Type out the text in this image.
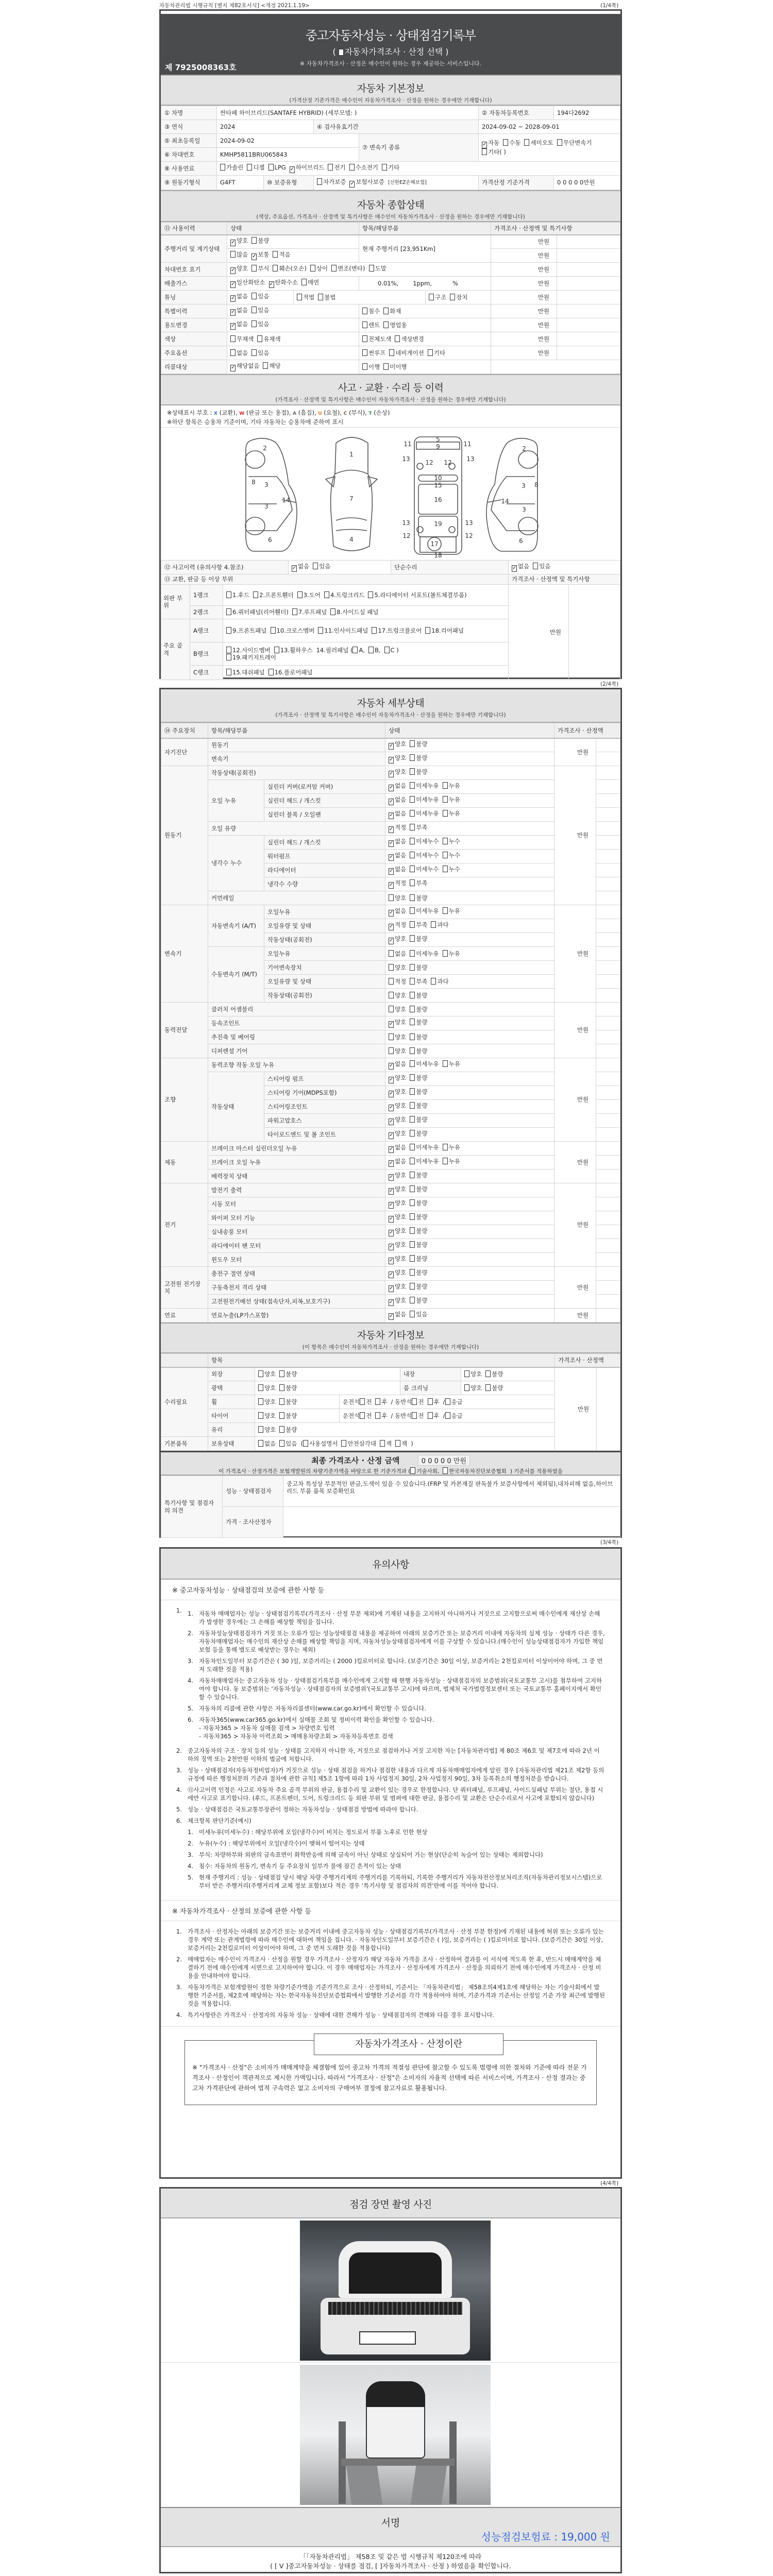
자동차관리법 시행규칙 [별지 제82호서식] <개정 2021.1.19>	(1/4쪽)
(2/4쪽)
(3/4쪽)
(4/4쪽)
중고자동차성능 · 상태점검기록부
( 자동차가격조사 · 산정 선택 )
※ 자동차가격조사 · 산정은 매수인이 원하는 경우 제공하는 서비스입니다.
제 7925008363호
자동차 기본정보
(가격산정 기준가격은 매수인이 자동차가격조사 · 산정을 원하는 경우에만 기재합니다)
① 차명	싼타페 하이브리드(SANTAFE HYBRID) (세부모델: )				② 자동차등록번호	194다2692
③ 연식	2024		④ 검사유효기간		2024-09-02 ~ 2028-09-01	
⑤ 최초등록일	2024-09-02			⑦ 변속기 종류	✓ 자동 수동 세미오토 무단변속기기타( )	
⑥ 차대번호	KMHP5811BRU065843					
⑧ 사용연료	가솔린 디젤 LPG ✓ 하이브리드 전기 수소전기 기타					
⑨ 원동기형식	G4FT	⑩ 보증유형	자가보증 ✓ 보험사보증 [신한EZ손해보험]		가격산정 기준가격	0 0 0 0 0만원
자동차 종합상태
(색상, 주요옵션, 가격조사 · 산정액 및 특기사항은 매수인이 자동차가격조사 · 산정을 원하는 경우에만 기재합니다)
⑪ 사용이력	상태		항목/해당부품		가격조사 · 산정액 및 특기사항	
주행거리 및 계기상태	✓ 양호 불량		현재 주행거리 [23,951Km]		만원	
	많음 ✓ 보통 적음				만원	
차대번호 표기	✓ 양호 부식 훼손(오손) 상이 변조(변타) 도말				만원	
배출가스	✓ 일산화탄소 ✓ 탄화수소 매연		0.01%, 1ppm, %		만원	
튜닝	✓ 없음 있음	적법 불법		구조 장치	만원	
특별이력	✓ 없음 있음		침수 화재		만원	
용도변경	✓ 없음 있음		렌트 영업용		만원	
색상	무채색 유채색		전체도색 색상변경		만원	
주요옵션	없음 있음		썬루프 네비게이션 기타		만원	
리콜대상	✓ 해당없음 해당		이행 미이행			
사고 · 교환 · 수리 등 이력
(가격조사 · 산정액 및 특기사항은 매수인이 자동차가격조사 · 산정을 원하는 경우에만 기재합니다)
※상태표시 부호 : X (교환), W (판금 또는 용접), A (흠집), U (요철), C (부식), T (손상)
※하단 항목은 승용차 기준이며, 기타 자동차는 승용차에 준하여 표시
2
8 3
14
3
6
1
7
4
5
9
11	11
13	13
12 12
10
15
16
13	13
19
12	12
17
18
2
3 8
14
3
6
⑫ 사고이력 (유의사항 4.참조)			✓ 없음 있음	단순수리	✓ 없음 있음	
⑬ 교환, 판금 등 이상 부위					가격조사 · 산정액 및 특기사항	
외판 부위	1랭크	1.후드 2.프론트휀더 3.도어 4.트렁크리드 5.라디에이터 서포트(볼트체결부품)			만원	
	2랭크	6.쿼터패널(리어휀더) 7.루프패널 8.사이드실 패널				
주요 골격	A랭크	9.프론트패널 10.크로스멤버 11.인사이드패널 17.트렁크플로어 18.리어패널				
	B랭크	12.사이드멤버 13.휠하우스 14.필러패널 ( A, B, C )
19.패키지트레이				
	C랭크	15.대쉬패널 16.플로어패널				
자동차 세부상태
(가격조사 · 산정액 및 특기사항은 매수인이 자동차가격조사 · 산정을 원하는 경우에만 기재합니다)
⑭ 주요장치	항목/해당부품		상태	가격조사 · 산정액	
자기진단	원동기		✓ 양호 불량	만원	
	변속기		✓ 양호 불량		
원동기	작동상태(공회전)		✓ 양호 불량	만원	
	오일 누유	실린더 커버(로커암 커버)	✓ 없음 미세누유 누유		
		실린더 헤드 / 개스킷	✓ 없음 미세누유 누유		
		실린더 블록 / 오일팬	✓ 없음 미세누유 누유		
	오일 유량		✓ 적정 부족		
	냉각수 누수	실린더 헤드 / 개스킷	✓ 없음 미세누수 누수		
		워터펌프	✓ 없음 미세누수 누수		
		라디에이터	✓ 없음 미세누수 누수		
		냉각수 수량	✓ 적정 부족		
	커먼레일		양호 불량		
변속기	자동변속기 (A/T)	오일누유	✓ 없음 미세누유 누유	만원	
		오일유량 및 상태	✓ 적정 부족 과다		
		작동상태(공회전)	✓ 양호 불량		
	수동변속기 (M/T)	오일누유	없음 미세누유 누유		
		기어변속장치	양호 불량		
		오일유량 및 상태	적정 부족 과다		
		작동상태(공회전)	양호 불량		
동력전달	클러치 어셈블리		양호 불량	만원	
	등속조인트		✓ 양호 불량		
	추진축 및 베어링		양호 불량		
	디퍼렌셜 기어		양호 불량		
조향	동력조향 작동 오일 누유		✓ 없음 미세누유 누유	만원	
	작동상태	스티어링 펌프	✓ 양호 불량		
		스티어링 기어(MDPS포함)	✓ 양호 불량		
		스티어링조인트	✓ 양호 불량		
		파워고압호스	✓ 양호 불량		
		타이로드엔드 및 볼 조인트	✓ 양호 불량		
제동	브레이크 마스터 실린더오일 누유		✓ 없음 미세누유 누유	만원	
	브레이크 오일 누유		✓ 없음 미세누유 누유		
	배력장치 상태		✓ 양호 불량		
전기	발전기 출력		✓ 양호 불량	만원	
	시동 모터		✓ 양호 불량		
	와이퍼 모터 기능		✓ 양호 불량		
	실내송풍 모터		✓ 양호 불량		
	라디에이터 팬 모터		✓ 양호 불량		
	윈도우 모터		✓ 양호 불량		
고전원 전기장치	충전구 절연 상태		✓ 양호 불량	만원	
	구동축전지 격리 상태		✓ 양호 불량		
	고전원전기배선 상태(접속단자,피복,보호기구)		✓ 양호 불량		
연료	연료누출(LP가스포함)		✓ 없음 있음	만원	
자동차 기타정보
(이 항목은 매수인이 자동차가격조사 · 산정을 원하는 경우에만 기재합니다)
	항목					가격조사 · 산정액	
수리필요	외장	양호 불량		내장	양호 불량	만원	
	광택	양호 불량		룸 크리닝	양호 불량		
	휠	양호 불량	운전석 전 후 / 동반석 전 후 / 응급				
	타이어	양호 불량	운전석 전 후 / 동반석 전 후 / 응급				
	유리	양호 불량					
기본품목	보유상태	없음 있음 ( 사용설명서 안전삼각대 잭 잭 )					
최종 가격조사 · 산정 금액	0 0 0 0 0 만원
이 가격조사 · 산정가격은 보험개발원의 차량기준가액을 바탕으로 한 기준가격과 ( 기술사회, 한국자동차진단보증협회 ) 기준서를 적용하였음
특기사항 및 점검자의 의견	성능 · 상태점검자	중고차 특성상 부분적인 판금,도색이 있을 수 있습니다.(FRP 및 카본재질 판독불가 보증사항에서 제외됨),내차피해 없음,하이브리드 부품 품목 보증확인요
	가격 · 조사산정자	
유의사항
※ 중고자동차성능 · 상태점검의 보증에 관한 사항 등
1. 1. 자동차 매매업자는 성능 · 상태점검기록부(가격조사 · 산정 부분 제외)에 기재된 내용을 고지하지 아니하거나 거짓으로 고지함으로써 매수인에게 재산상 손해가 발생한 경우에는 그 손해를 배상할 책임을 집니다.
2. 자동차성능상태점검자가 거짓 또는 오류가 있는 성능상태점검 내용을 제공하여 아래의 보증기간 또는 보증거리 이내에 자동차의 실제 성능 · 상태가 다른 경우, 자동차매매업자는 매수인의 재산상 손해를 배상할 책임을 지며, 자동차성능상태점검자에게 이를 구상할 수 있습니다.(매수인이 성능상태점검자가 가입한 책임보험 등을 통해 별도로 배상받는 경우는 제외)
3. 자동차인도일부터 보증기간은 ( 30 )일, 보증거리는 ( 2000 )킬로미터로 합니다. (보증기간은 30일 이상, 보증거리는 2천킬로미터 이상이어야 하며, 그 중 먼저 도래한 것을 적용)
4. 자동차매매업자는 중고자동차 성능 · 상태점검기록부를 매수인에게 고지할 때 현행 자동차성능 · 상태점검자의 보증범위(국토교통부 고시)를 첨부하여 고지하여야 합니다. 동 보증범위는 '자동차성능 · 상태점검자의 보증범위'(국토교통부 고시)에 따르며, 법제처 국가법령정보센터 또는 국토교통부 홈페이지에서 확인할 수 있습니다.
5. 자동차의 리콜에 관한 사항은 자동차리콜센터(www.car.go.kr)에서 확인할 수 있습니다.
6. 자동차365(www.car365.go.kr)에서 실매물 조회 및 정비이력 확인을 확인할 수 있습니다.
- 자동차365 > 자동차 실매물 검색 > 차량번호 입력
- 자동차365 > 자동차 이력조회 > 매매용차량조회 > 자동차등록번호 검색
2. 중고자동차의 구조 · 장치 등의 성능 · 상태를 고지하지 아니한 자, 거짓으로 점검하거나 거짓 고지한 자는 [자동차관리법] 제 80조 제6호 및 제7호에 따라 2년 이하의 징역 또는 2천만원 이하의 벌금에 처합니다.
3. 성능 · 상태점검자(자동차정비업자)가 거짓으로 성능 · 상태 점검을 하거나 점검한 내용과 다르게 자동차매매업자에게 알린 경우 [자동차관리법 제21조 제2항 등의 규정에 따른 행정처분의 기준과 절차에 관한 규칙] 제5조 1항에 따라 1차 사업정지 30일, 2차 사업정지 90일, 3차 등록취소의 행정처분을 받습니다.
4. ⑫사고이력 인정은 사고로 자동차 주요 골격 부위의 판금, 용접수리 및 교환이 있는 경우로 한정합니다. 단 쿼터패널, 루프패널, 사이드실패널 부위는 절단, 용접 시에만 사고로 표기합니다. (후드, 프론트펜더, 도어, 트렁크리드 등 외판 부위 및 범퍼에 대한 판금, 용접수리 및 교환은 단순수리로서 사고에 포함되지 않습니다)
5. 성능 · 상태점검은 국토교통부장관이 정하는 자동차성능 · 상태점검 방법에 따라야 합니다.
6. 체크항목 판단기준(예시)
1. 미세누유(미세누수) : 해당부위에 오일(냉각수)이 비치는 정도로서 부품 노후로 인한 현상
2. 누유(누수) : 해당부위에서 오일(냉각수)이 맺혀서 떨어지는 상태
3. 부식: 차량하부와 외판의 금속표면이 화학반응에 의해 금속이 아닌 상태로 상실되어 가는 현상(단순히 녹슬어 있는 상태는 제외합니다)
4. 침수: 자동차의 원동기, 변속기 등 주요장치 일부가 물에 잠긴 흔적이 있는 상태
5. 현재 주행거리 : 성능 · 상태점검 당시 해당 차량 주행거리계의 주행거리를 기록하되, 기록한 주행거리가 자동차전산정보처리조직(자동차관리정보시스템)으로부터 받은 주행거리(주행거리계 교체 정보 포함)보다 적은 경우 '특기사항 및 점검자의 의견'란에 이를 적어야 합니다.
※ 자동차가격조사 · 산정의 보증에 관한 사항 등
1. 가격조사 · 산정자는 아래의 보증기간 또는 보증거리 이내에 중고자동차 성능 · 상태점검기록부(가격조사 · 산정 부분 한정)에 기재된 내용에 허위 또는 오류가 있는 경우 계약 또는 관계법령에 따라 매수인에 대하여 책임을 집니다. · 자동차인도일부터 보증기간은 ( )일, 보증거리는 ( )킬로미터로 합니다. (보증기간은 30일 이상, 보증거리는 2천킬로미터 이상이어야 하며, 그 중 먼저 도래한 것을 적용합니다)
2. 매매업자는 매수인이 가격조사 · 산정을 원할 경우 가격조사 · 산정자가 해당 자동차 가격을 조사 · 산정하여 결과를 이 서식에 적도록 한 후, 반드시 매매계약을 체결하기 전에 매수인에게 서면으로 고지하여야 합니다. 이 경우 매매업자는 가격조사 · 산정자에게 가격조사 · 산정을 의뢰하기 전에 매수인에게 가격조사 · 산정 비용을 안내하여야 합니다.
3. 자동차가격은 보험개발원이 정한 차량기준가액을 기준가격으로 조사 · 산정하되, 기준서는 「자동차관리법」 제58조의4제1호에 해당하는 자는 기술사회에서 발행한 기준서를, 제2호에 해당하는 자는 한국자동차진단보증협회에서 발행한 기준서를 각각 적용하여야 하며, 기준가격과 기준서는 산정일 기준 가장 최근에 발행된 것을 적용합니다.
4. 특기사항란은 가격조사 · 산정자의 자동차 성능 · 상태에 대한 견해가 성능 · 상태점검자의 견해와 다를 경우 표시합니다.
자동차가격조사 · 산정이란
※ "가격조사 · 산정"은 소비자가 매매계약을 체결함에 있어 중고차 가격의 적절성 판단에 참고할 수 있도록 법령에 의한 절차와 기준에 따라 전문 가격조사 · 산정인이 객관적으로 제시한 가액입니다. 따라서 "가격조사 · 산정"은 소비자의 자율적 선택에 따른 서비스이며, 가격조사 · 산정 결과는 중고차 가격판단에 관하여 법적 구속력은 없고 소비자의 구매여부 결정에 참고자료로 활용됩니다.
점검 장면 촬영 사진
서명
성능점검보험료 : 19,000 원
「「자동차관리법」 제58조 및 같은 법 시행규칙 제120조에 따라
( [ V ]중고자동차성능 · 상태를 점검, [ ]자동차가격조사 · 산정 ) 하였음을 확인합니다.
